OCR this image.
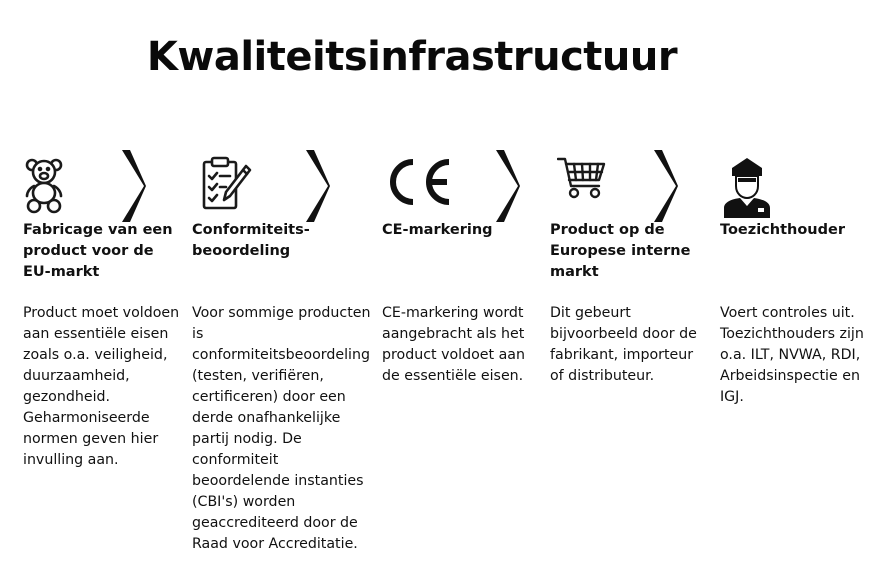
Kwaliteitsinfrastructuur
Fabricage van een product voor de EU-markt

Product moet voldoen aan essentiële eisen zoals o.a. veiligheid, duurzaamheid, gezondheid. Geharmoniseerde normen geven hier invulling aan.

Conformiteits-beoordeling

Voor sommige producten is conformiteitsbeoordeling (testen, verifiëren, certificeren) door een derde onafhankelijke partij nodig. De conformiteit beoordelende instanties (CBI's) worden geaccrediteerd door de Raad voor Accreditatie.

CE-markering

CE-markering wordt aangebracht als het product voldoet aan de essentiële eisen.

Product op de Europese interne markt

Dit gebeurt bijvoorbeeld door de fabrikant, importeur of distributeur.

Toezichthouder

Voert controles uit. Toezichthouders zijn o.a. ILT, NVWA, RDI, Arbeidsinspectie en IGJ.
